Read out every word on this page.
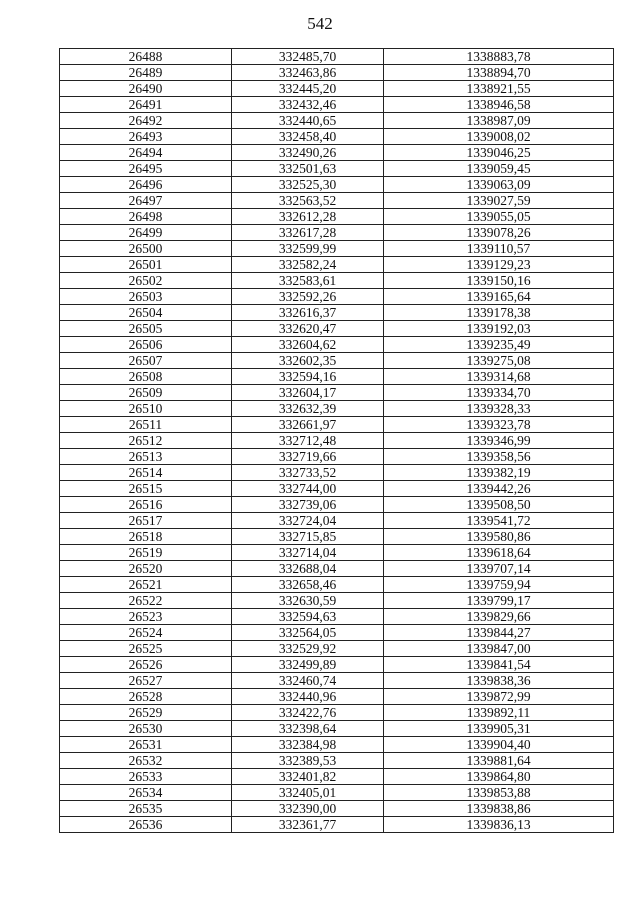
542
26488	332485,70	1338883,78
26489	332463,86	1338894,70
26490	332445,20	1338921,55
26491	332432,46	1338946,58
26492	332440,65	1338987,09
26493	332458,40	1339008,02
26494	332490,26	1339046,25
26495	332501,63	1339059,45
26496	332525,30	1339063,09
26497	332563,52	1339027,59
26498	332612,28	1339055,05
26499	332617,28	1339078,26
26500	332599,99	1339110,57
26501	332582,24	1339129,23
26502	332583,61	1339150,16
26503	332592,26	1339165,64
26504	332616,37	1339178,38
26505	332620,47	1339192,03
26506	332604,62	1339235,49
26507	332602,35	1339275,08
26508	332594,16	1339314,68
26509	332604,17	1339334,70
26510	332632,39	1339328,33
26511	332661,97	1339323,78
26512	332712,48	1339346,99
26513	332719,66	1339358,56
26514	332733,52	1339382,19
26515	332744,00	1339442,26
26516	332739,06	1339508,50
26517	332724,04	1339541,72
26518	332715,85	1339580,86
26519	332714,04	1339618,64
26520	332688,04	1339707,14
26521	332658,46	1339759,94
26522	332630,59	1339799,17
26523	332594,63	1339829,66
26524	332564,05	1339844,27
26525	332529,92	1339847,00
26526	332499,89	1339841,54
26527	332460,74	1339838,36
26528	332440,96	1339872,99
26529	332422,76	1339892,11
26530	332398,64	1339905,31
26531	332384,98	1339904,40
26532	332389,53	1339881,64
26533	332401,82	1339864,80
26534	332405,01	1339853,88
26535	332390,00	1339838,86
26536	332361,77	1339836,13
